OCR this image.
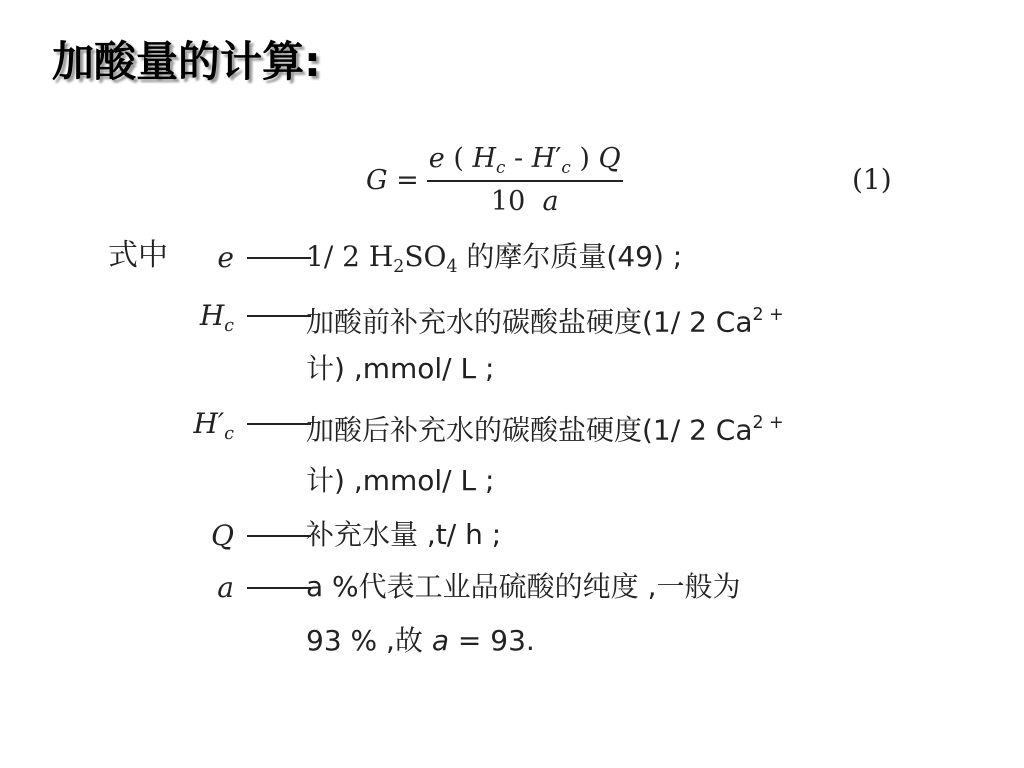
加酸量的计算:
$G = \frac{e ( H_c - H'_c ) Q}{10 a}$	(1)
式中 e	1/ 2 $H_2SO_4$ 的摩尔质量(49) ;
$H_c$	加酸前补充水的碳酸盐硬度(1/ 2 $Ca^{2 +}$
计) ,mmol/ L ;
$H'_c$	加酸后补充水的碳酸盐硬度(1/ 2 $Ca^{2 +}$
计) ,mmol/ L ;
Q	补充水量 ,t/ h ;
a	a %代表工业品硫酸的纯度 ,一般为
93 % ,故 a = 93.
